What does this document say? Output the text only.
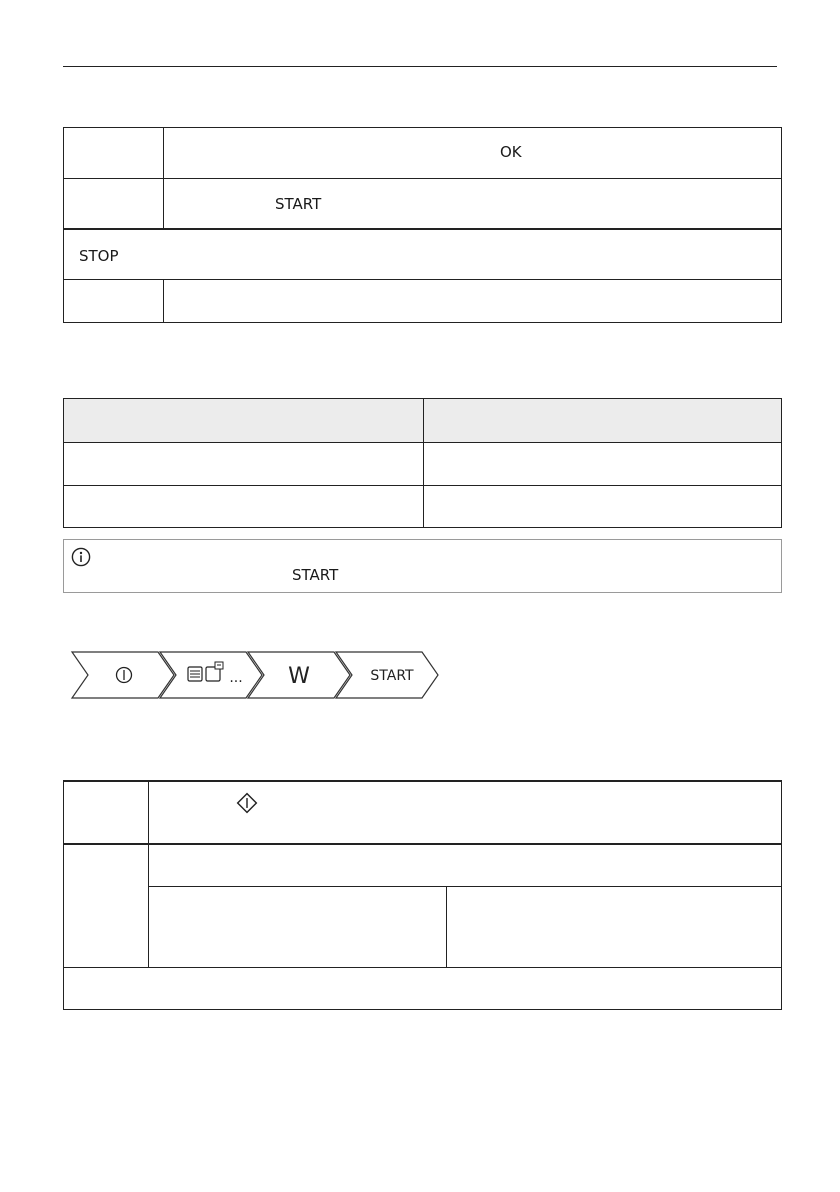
OK
START
STOP
START
... W	START
